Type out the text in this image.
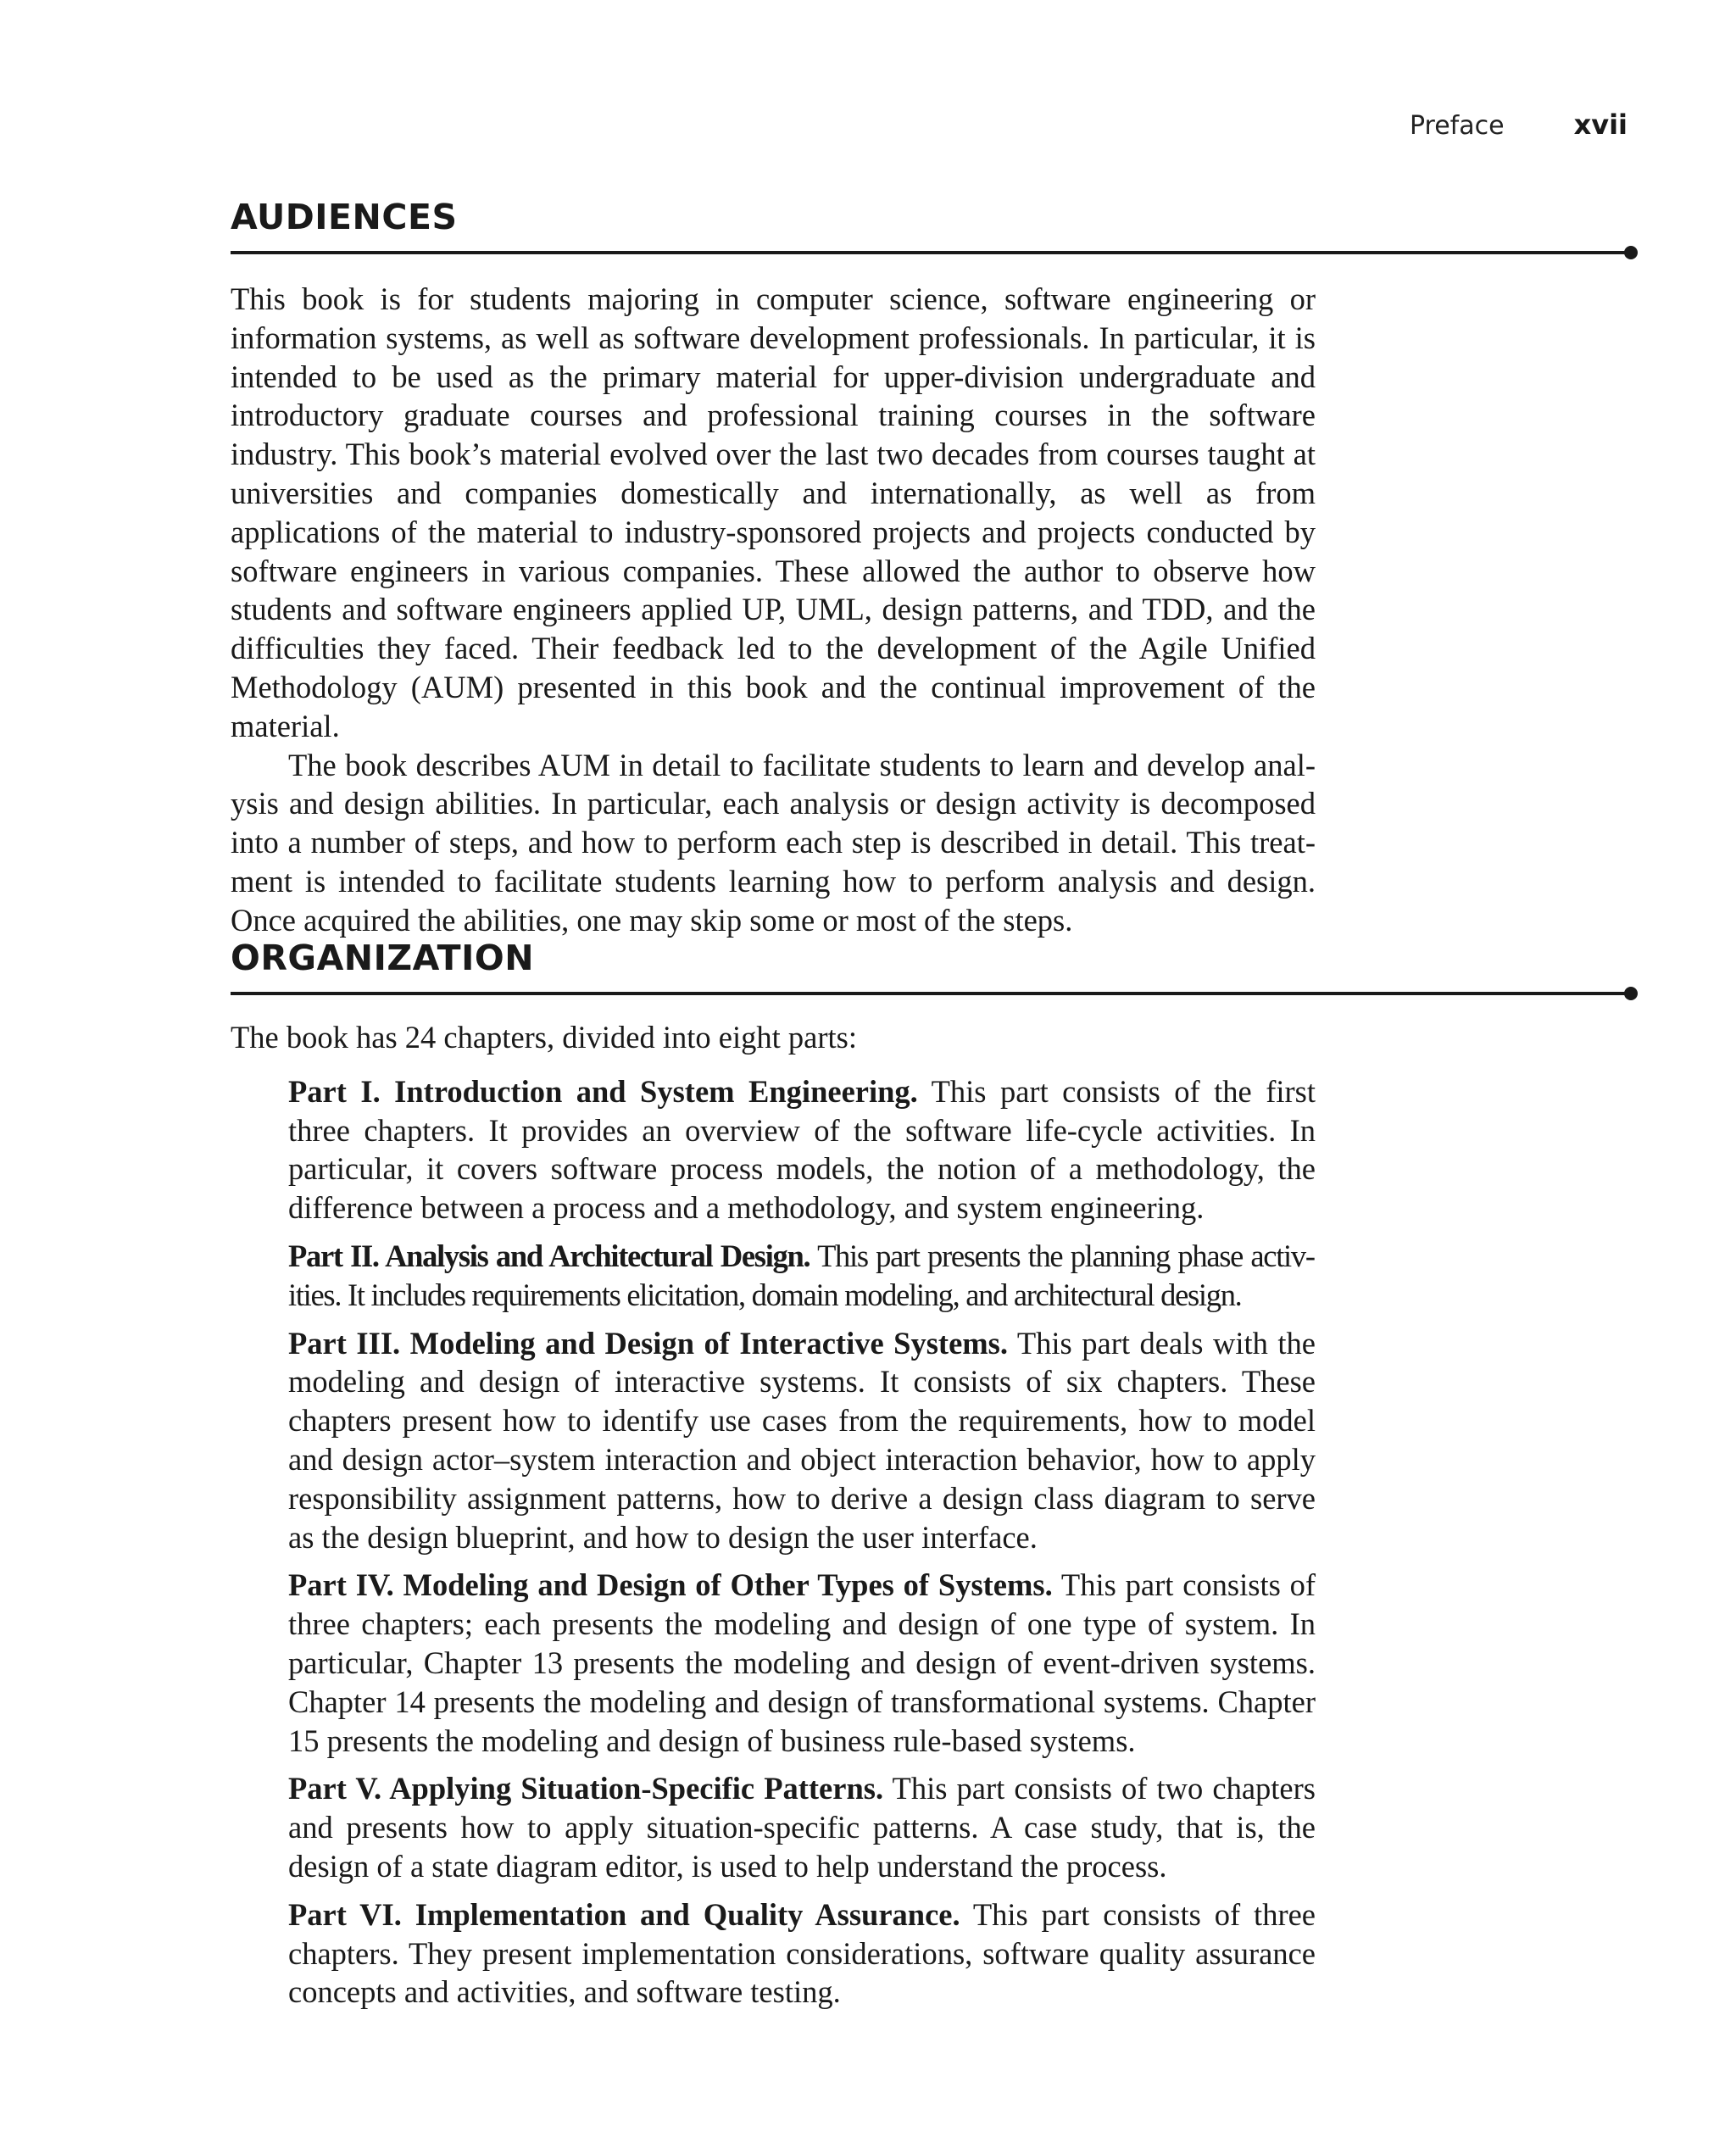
Preface	xvii
AUDIENCES

This book is for students majoring in computer science, software engineering or information systems, as well as software development professionals. In particular, it is intended to be used as the primary material for upper-division undergraduate and introductory graduate courses and professional training courses in the software industry. This book’s material evolved over the last two decades from courses taught at universities and companies domestically and internationally, as well as from applications of the material to industry-sponsored projects and projects conducted by software engineers in various companies. These allowed the author to observe how students and software engineers applied UP, UML, design patterns, and TDD, and the difficulties they faced. Their feedback led to the development of the Agile Unified Methodology (AUM) presented in this book and the continual improvement of the material.

The book describes AUM in detail to facilitate students to learn and develop analysis and design abilities. In particular, each analysis or design activity is decomposed into a number of steps, and how to perform each step is described in detail. This treatment is intended to facilitate students learning how to perform analysis and design. Once acquired the abilities, one may skip some or most of the steps.

ORGANIZATION

The book has 24 chapters, divided into eight parts:

Part I. Introduction and System Engineering. This part consists of the first three chapters. It provides an overview of the software life-cycle activities. In particular, it covers software process models, the notion of a methodology, the difference between a process and a methodology, and system engineering.

Part II. Analysis and Architectural Design. This part presents the planning phase activities. It includes requirements elicitation, domain modeling, and architectural design.

Part III. Modeling and Design of Interactive Systems. This part deals with the modeling and design of interactive systems. It consists of six chapters. These chapters present how to identify use cases from the requirements, how to model and design actor–system interaction and object interaction behavior, how to apply responsibility assignment patterns, how to derive a design class diagram to serve as the design blueprint, and how to design the user interface.

Part IV. Modeling and Design of Other Types of Systems. This part consists of three chapters; each presents the modeling and design of one type of system. In particular, Chapter 13 presents the modeling and design of event-driven systems. Chapter 14 presents the modeling and design of transformational systems. Chapter 15 presents the modeling and design of business rule-based systems.

Part V. Applying Situation-Specific Patterns. This part consists of two chapters and presents how to apply situation-specific patterns. A case study, that is, the design of a state diagram editor, is used to help understand the process.

Part VI. Implementation and Quality Assurance. This part consists of three chapters. They present implementation considerations, software quality assurance concepts and activities, and software testing.
